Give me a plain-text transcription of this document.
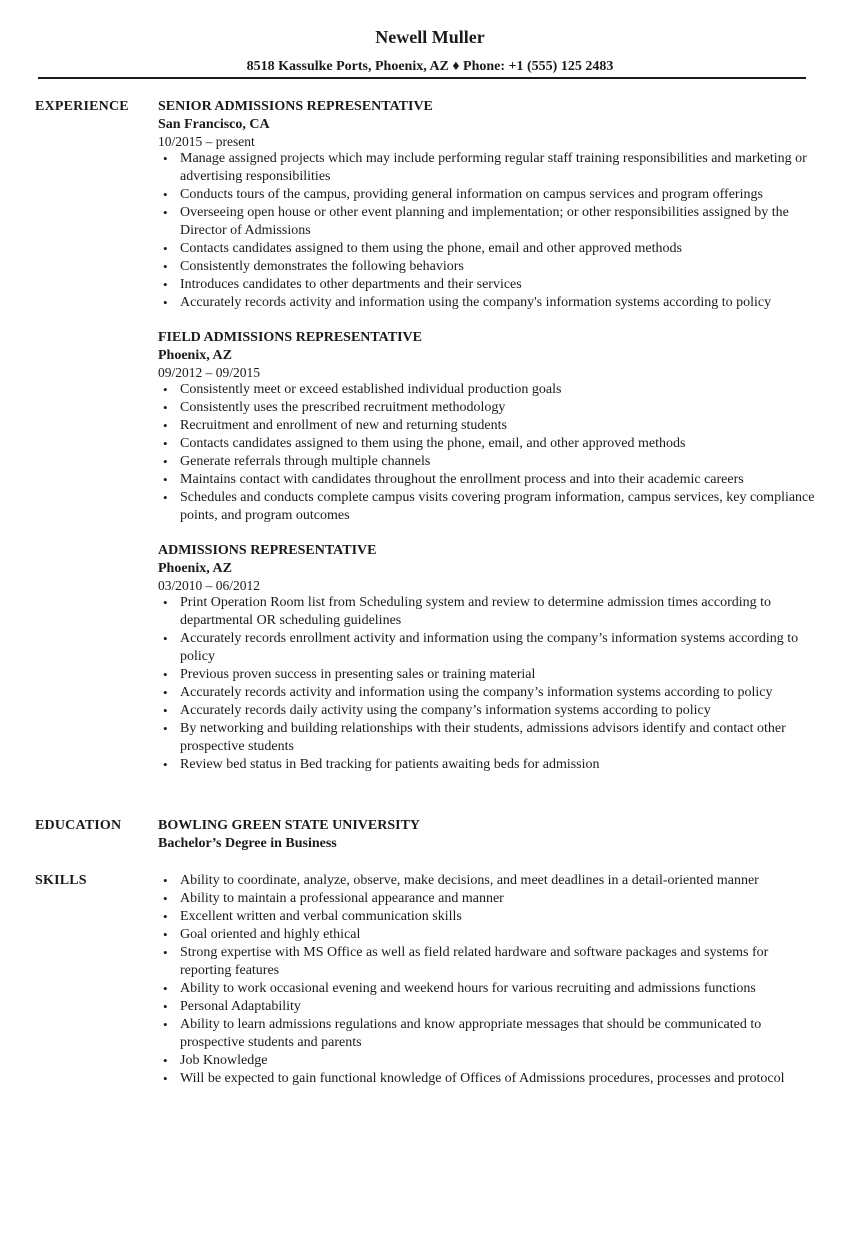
Newell Muller
8518 Kassulke Ports, Phoenix, AZ ♦ Phone: +1 (555) 125 2483
EXPERIENCE SENIOR ADMISSIONS REPRESENTATIVE
San Francisco, CA
10/2015 – present
• Manage assigned projects which may include performing regular staff training responsibilities and marketing or advertising responsibilities
• Conducts tours of the campus, providing general information on campus services and program offerings
• Overseeing open house or other event planning and implementation; or other responsibilities assigned by the Director of Admissions
• Contacts candidates assigned to them using the phone, email and other approved methods
• Consistently demonstrates the following behaviors
• Introduces candidates to other departments and their services
• Accurately records activity and information using the company's information systems according to policy
FIELD ADMISSIONS REPRESENTATIVE
Phoenix, AZ
09/2012 – 09/2015
• Consistently meet or exceed established individual production goals
• Consistently uses the prescribed recruitment methodology
• Recruitment and enrollment of new and returning students
• Contacts candidates assigned to them using the phone, email, and other approved methods
• Generate referrals through multiple channels
• Maintains contact with candidates throughout the enrollment process and into their academic careers
• Schedules and conducts complete campus visits covering program information, campus services, key compliance points, and program outcomes
ADMISSIONS REPRESENTATIVE
Phoenix, AZ
03/2010 – 06/2012
• Print Operation Room list from Scheduling system and review to determine admission times according to departmental OR scheduling guidelines
• Accurately records enrollment activity and information using the company’s information systems according to policy
• Previous proven success in presenting sales or training material
• Accurately records activity and information using the company’s information systems according to policy
• Accurately records daily activity using the company’s information systems according to policy
• By networking and building relationships with their students, admissions advisors identify and contact other prospective students
• Review bed status in Bed tracking for patients awaiting beds for admission
EDUCATION	BOWLING GREEN STATE UNIVERSITY
Bachelor’s Degree in Business
SKILLS	• Ability to coordinate, analyze, observe, make decisions, and meet deadlines in a detail-oriented manner
• Ability to maintain a professional appearance and manner
• Excellent written and verbal communication skills
• Goal oriented and highly ethical
• Strong expertise with MS Office as well as field related hardware and software packages and systems for reporting features
• Ability to work occasional evening and weekend hours for various recruiting and admissions functions
• Personal Adaptability
• Ability to learn admissions regulations and know appropriate messages that should be communicated to prospective students and parents
• Job Knowledge
• Will be expected to gain functional knowledge of Offices of Admissions procedures, processes and protocol
